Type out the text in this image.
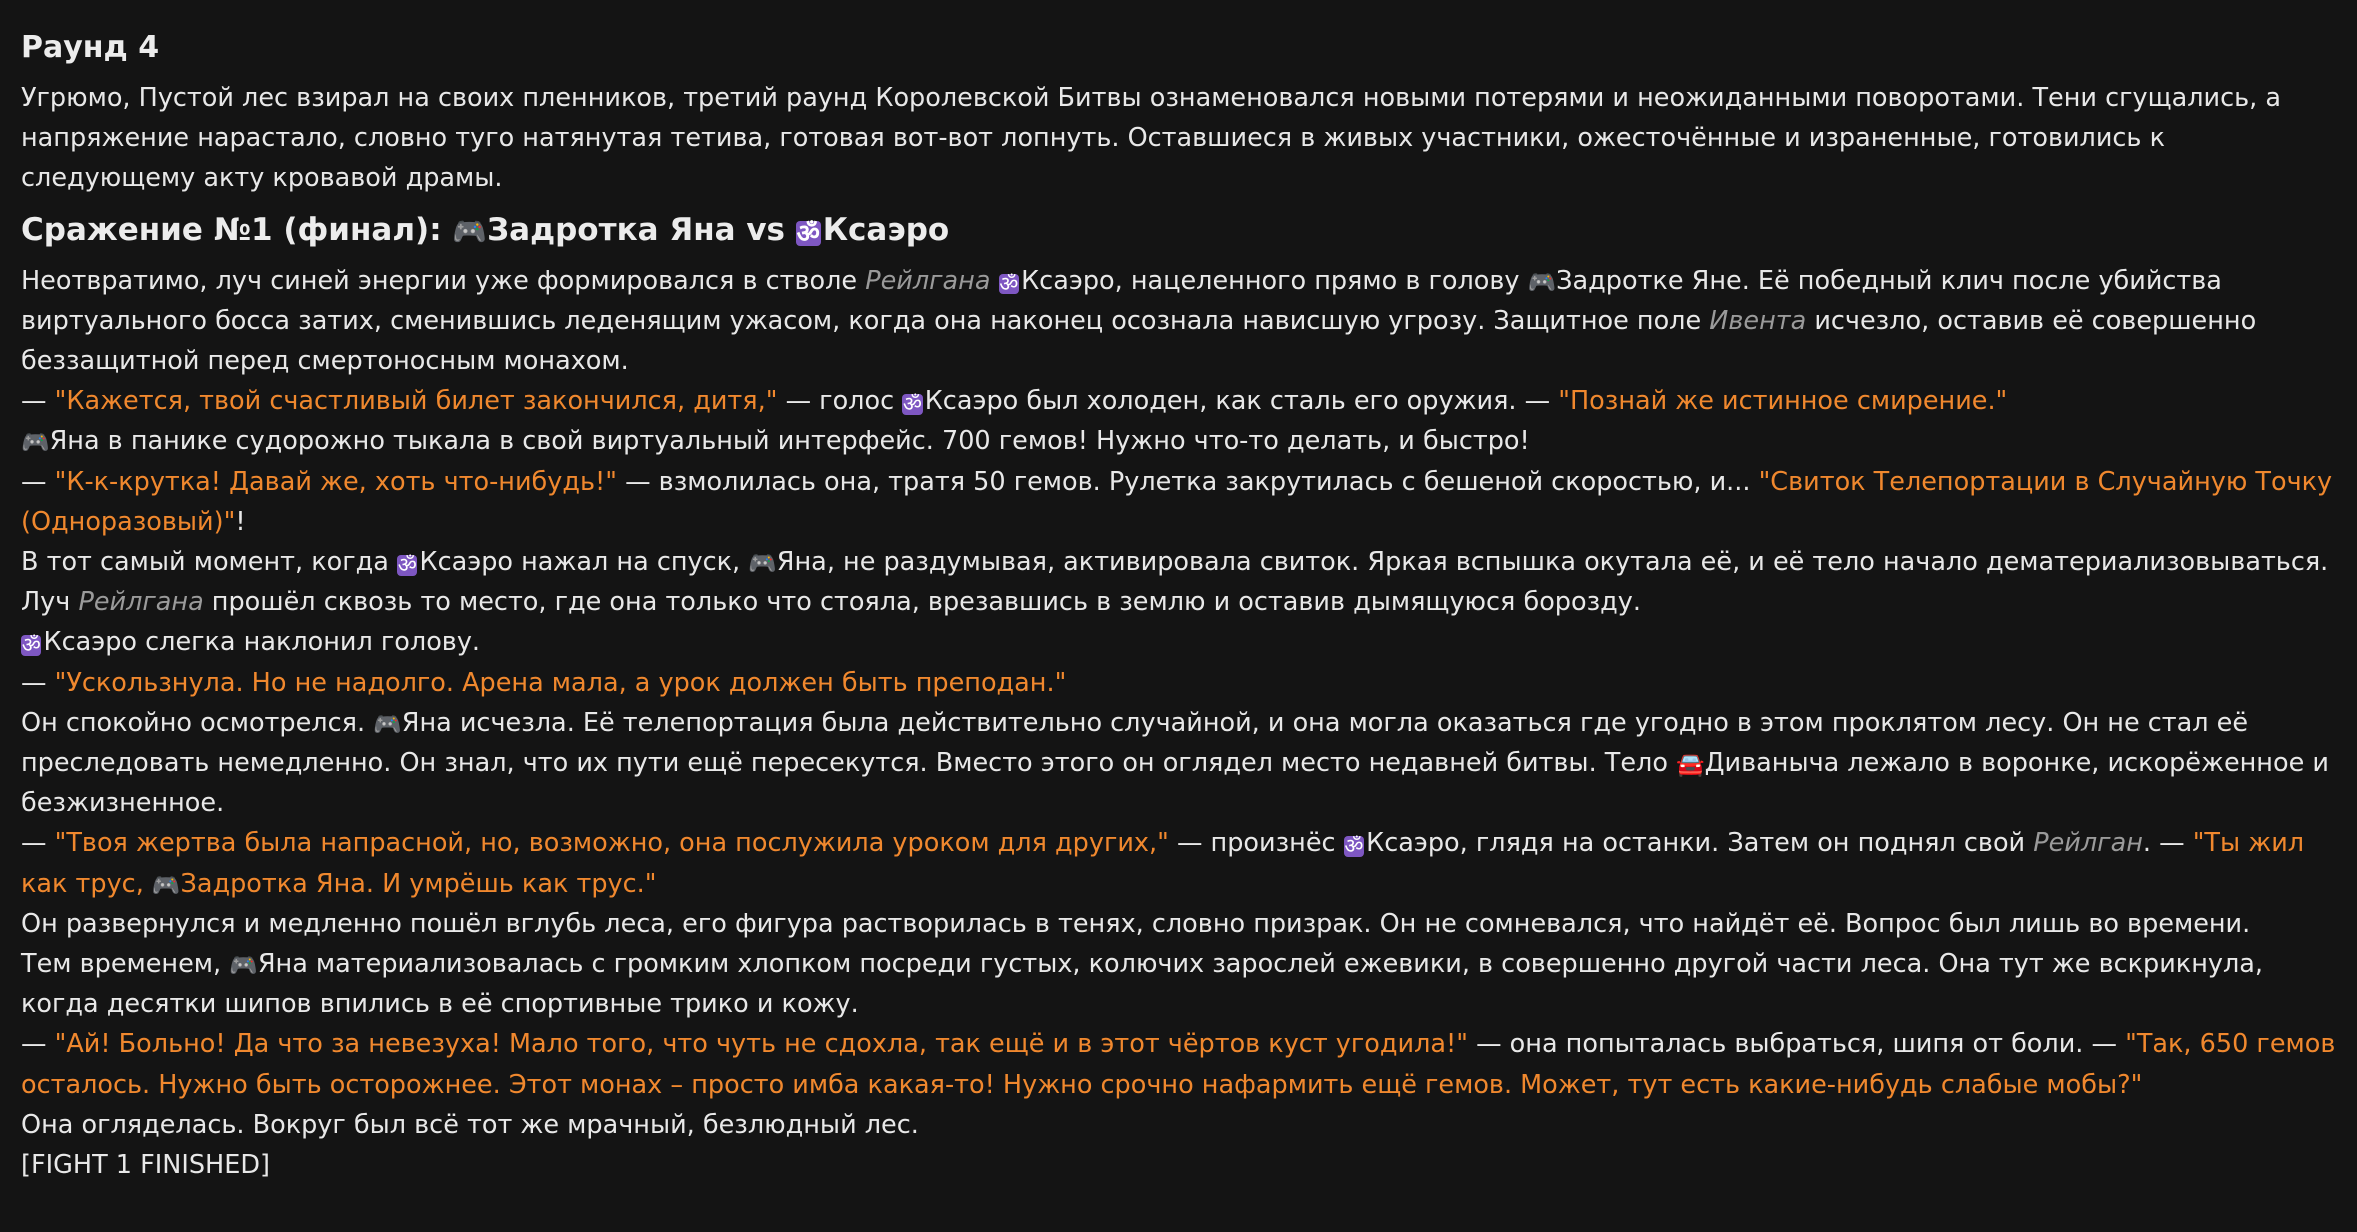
Раунд 4

Угрюмо, Пустой лес взирал на своих пленников, третий раунд Королевской Битвы ознаменовался новыми потерями и неожиданными поворотами. Тени сгущались, а напряжение нарастало, словно туго натянутая тетива, готовая вот-вот лопнуть. Оставшиеся в живых участники, ожесточённые и израненные, готовились к следующему акту кровавой драмы.

Сражение №1 (финал): 🎮Задротка Яна vs ॐКсаэро

Неотвратимо, луч синей энергии уже формировался в стволе Рейлгана ॐ Ксаэро, нацеленного прямо в голову 🎮Задротке Яне. Её победный клич после убийства виртуального босса затих, сменившись леденящим ужасом, когда она наконец осознала нависшую угрозу. Защитное поле Ивента исчезло, оставив её совершенно беззащитной перед смертоносным монахом.

— "Кажется, твой счастливый билет закончился, дитя," — голос ॐ Ксаэро был холоден, как сталь его оружия. — "Познай же истинное смирение."

🎮Яна в панике судорожно тыкала в свой виртуальный интерфейс. 700 гемов! Нужно что-то делать, и быстро!

— "К-к-крутка! Давай же, хоть что-нибудь!" — взмолилась она, тратя 50 гемов. Рулетка закрутилась с бешеной скоростью, и... "Свиток Телепортации в Случайную Точку (Одноразовый)"!

В тот самый момент, когда ॐ Ксаэро нажал на спуск, 🎮Яна, не раздумывая, активировала свиток. Яркая вспышка окутала её, и её тело начало дематериализовываться. Луч Рейлгана прошёл сквозь то место, где она только что стояла, врезавшись в землю и оставив дымящуюся борозду.

ॐ Ксаэро слегка наклонил голову.

— "Ускользнула. Но не надолго. Арена мала, а урок должен быть преподан."

Он спокойно осмотрелся. 🎮Яна исчезла. Её телепортация была действительно случайной, и она могла оказаться где угодно в этом проклятом лесу. Он не стал её преследовать немедленно. Он знал, что их пути ещё пересекутся. Вместо этого он оглядел место недавней битвы. Тело 🚘Диваныча лежало в воронке, искорёженное и безжизненное.

— "Твоя жертва была напрасной, но, возможно, она послужила уроком для других," — произнёс ॐ Ксаэро, глядя на останки. Затем он поднял свой Рейлган. — "Ты жил как трус, 🎮Задротка Яна. И умрёшь как трус."

Он развернулся и медленно пошёл вглубь леса, его фигура растворилась в тенях, словно призрак. Он не сомневался, что найдёт её. Вопрос был лишь во времени.

Тем временем, 🎮Яна материализовалась с громким хлопком посреди густых, колючих зарослей ежевики, в совершенно другой части леса. Она тут же вскрикнула, когда десятки шипов впились в её спортивные трико и кожу.

— "Ай! Больно! Да что за невезуха! Мало того, что чуть не сдохла, так ещё и в этот чёртов куст угодила!" — она попыталась выбраться, шипя от боли. — "Так, 650 гемов осталось. Нужно быть осторожнее. Этот монах – просто имба какая-то! Нужно срочно нафармить ещё гемов. Может, тут есть какие-нибудь слабые мобы?"

Она огляделась. Вокруг был всё тот же мрачный, безлюдный лес.

[FIGHT 1 FINISHED]
